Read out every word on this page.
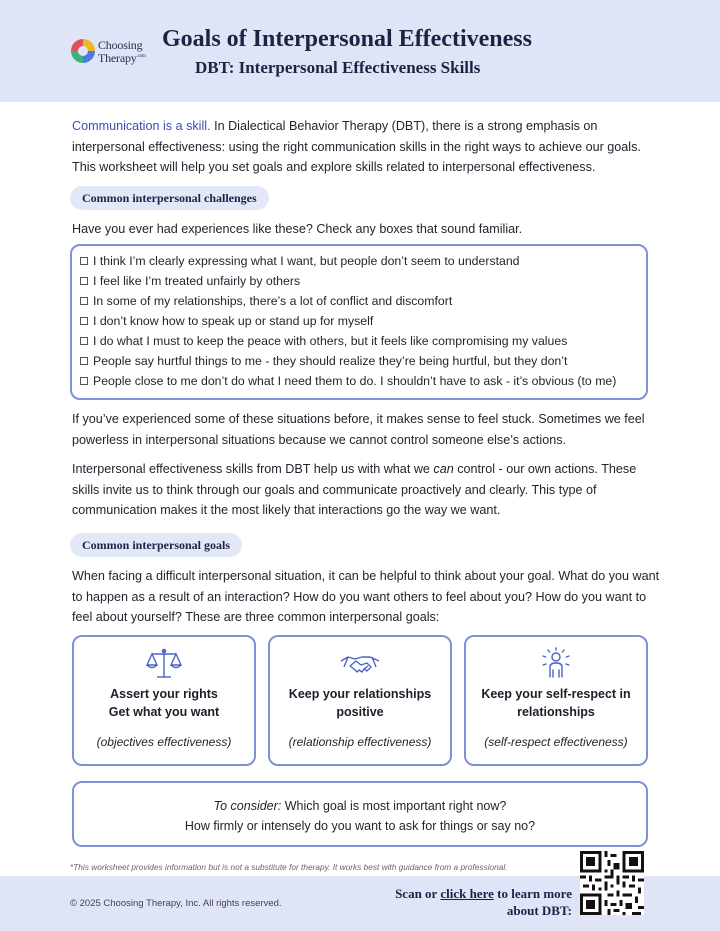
Choosing
Therapy$^{.com}$
Goals of Interpersonal Effectiveness
DBT: Interpersonal Effectiveness Skills

Communication is a skill. In Dialectical Behavior Therapy (DBT), there is a strong emphasis on interpersonal effectiveness: using the right communication skills in the right ways to achieve our goals. This worksheet will help you set goals and explore skills related to interpersonal effectiveness.

Common interpersonal challenges

Have you ever had experiences like these? Check any boxes that sound familiar.

I think I’m clearly expressing what I want, but people don’t seem to understand
I feel like I’m treated unfairly by others
In some of my relationships, there’s a lot of conflict and discomfort
I don’t know how to speak up or stand up for myself
I do what I must to keep the peace with others, but it feels like compromising my values
People say hurtful things to me - they should realize they’re being hurtful, but they don’t
People close to me don’t do what I need them to do. I shouldn’t have to ask - it’s obvious (to me)

If you’ve experienced some of these situations before, it makes sense to feel stuck. Sometimes we feel powerless in interpersonal situations because we cannot control someone else’s actions.

Interpersonal effectiveness skills from DBT help us with what we can control - our own actions. These skills invite us to think through our goals and communicate proactively and clearly. This type of communication makes it the most likely that interactions go the way we want.

Common interpersonal goals

When facing a difficult interpersonal situation, it can be helpful to think about your goal. What do you want to happen as a result of an interaction? How do you want others to feel about you? How do you want to feel about yourself? These are three common interpersonal goals:

Assert your rights
Get what you want
(objectives effectiveness)
Keep your relationships
positive
(relationship effectiveness)
Keep your self-respect in
relationships
(self-respect effectiveness)
To consider: Which goal is most important right now?
How firmly or intensely do you want to ask for things or say no?
*This worksheet provides information but is not a substitute for therapy. It works best with guidance from a professional.
© 2025 Choosing Therapy, Inc. All rights reserved.
Scan or click here to learn more
about DBT:
